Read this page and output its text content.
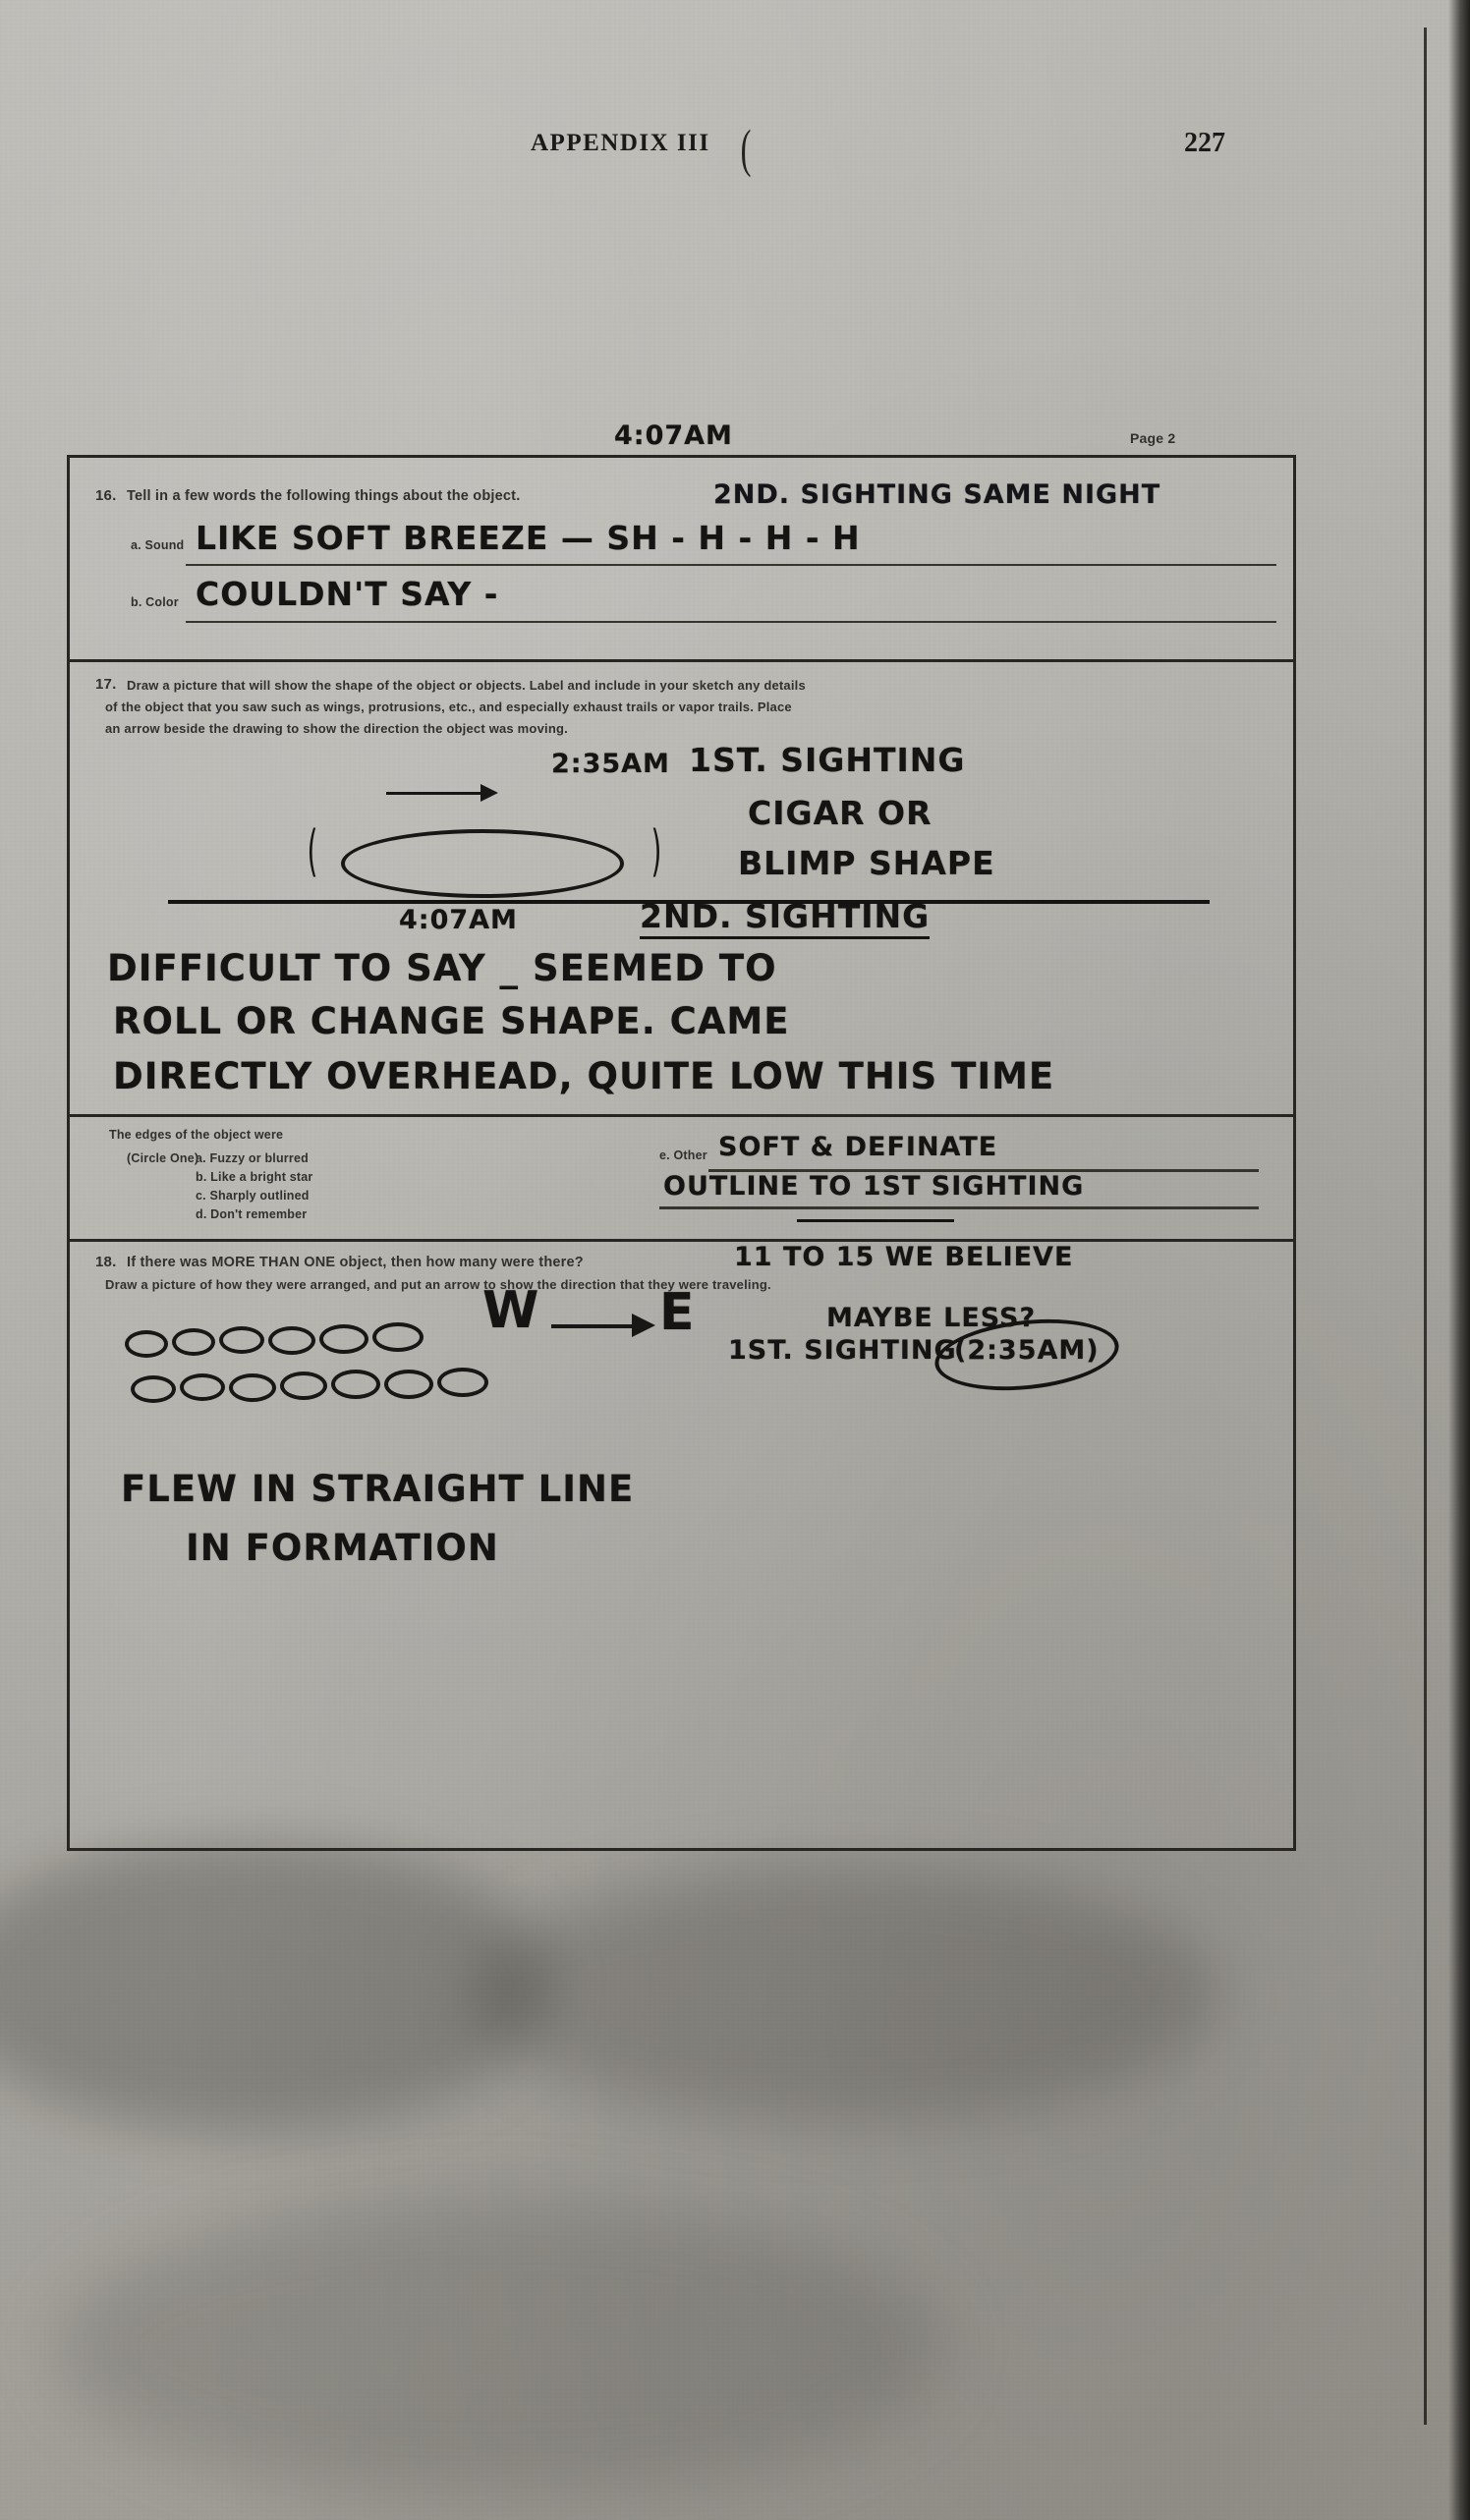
APPENDIX III (	227
4:07AM	Page 2
16. Tell in a few words the following things about the object.
a. Sound LIKE SOFT BREEZE — SH - H - H - H
b. Color COULDN'T SAY -
2ND. SIGHTING SAME NIGHT
17. Draw a picture that will show the shape of the object or objects. Label and include in your sketch any details
of the object that you saw such as wings, protrusions, etc., and especially exhaust trails or vapor trails. Place
an arrow beside the drawing to show the direction the object was moving.
2:35AM 1ST. SIGHTING
CIGAR OR
BLIMP SHAPE
(	)
4:07AM	2ND. SIGHTING
DIFFICULT TO SAY _ SEEMED TO
ROLL OR CHANGE SHAPE. CAME
DIRECTLY OVERHEAD, QUITE LOW THIS TIME
The edges of the object were
(Circle One)
a. Fuzzy or blurred
b. Like a bright star
c. Sharply outlined
d. Don't remember
e. Other SOFT & DEFINATE
OUTLINE TO 1ST SIGHTING
18. If there was MORE THAN ONE object, then how many were there?
Draw a picture of how they were arranged, and put an arrow to show the direction that they were traveling.
11 TO 15 WE BELIEVE
MAYBE LESS?
W E
1ST. SIGHTING
(2:35AM)
FLEW IN STRAIGHT LINE
IN FORMATION
